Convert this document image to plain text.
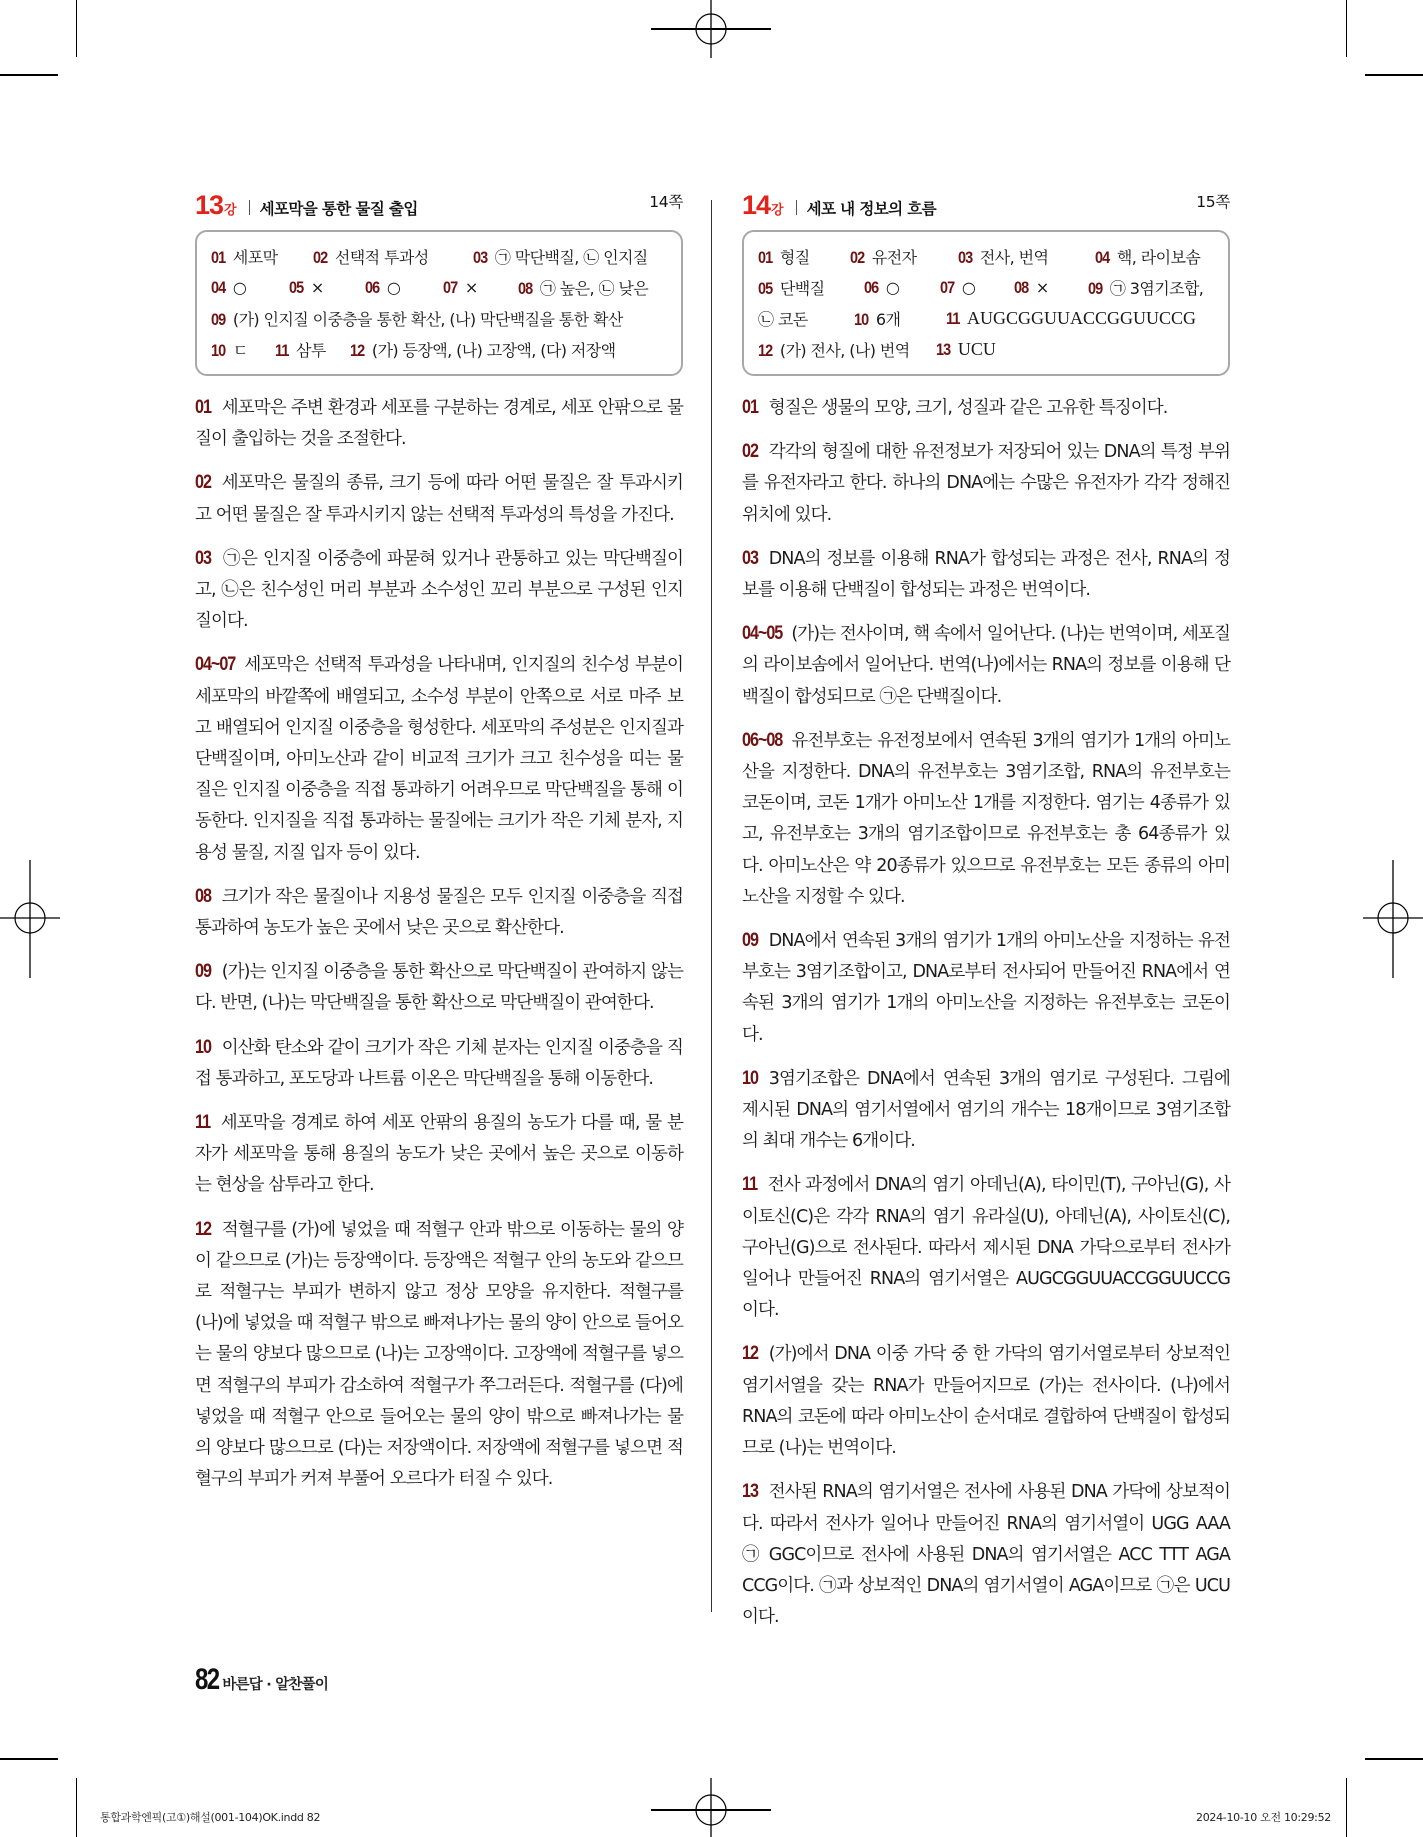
13 강 세포막을 통한 물질 출입	14쪽
01 세포막 02 선택적 투과성	03 ㉠ 막단백질, ㉡ 인지질
04 ○	05 × 06 ○	07 × 08 ㉠ 높은, ㉡ 낮은
09 (가) 인지질 이중층을 통한 확산, (나) 막단백질을 통한 확산
10 ㄷ 11 삼투 12 (가) 등장액, (나) 고장액, (다) 저장액

01 세포막은 주변 환경과 세포를 구분하는 경계로, 세포 안팎으로 물질이 출입하는 것을 조절한다.

02 세포막은 물질의 종류, 크기 등에 따라 어떤 물질은 잘 투과시키고 어떤 물질은 잘 투과시키지 않는 선택적 투과성의 특성을 가진다.

03 ㉠은 인지질 이중층에 파묻혀 있거나 관통하고 있는 막단백질이고, ㉡은 친수성인 머리 부분과 소수성인 꼬리 부분으로 구성된 인지질이다.

04~07 세포막은 선택적 투과성을 나타내며, 인지질의 친수성 부분이 세포막의 바깥쪽에 배열되고, 소수성 부분이 안쪽으로 서로 마주 보고 배열되어 인지질 이중층을 형성한다. 세포막의 주성분은 인지질과 단백질이며, 아미노산과 같이 비교적 크기가 크고 친수성을 띠는 물질은 인지질 이중층을 직접 통과하기 어려우므로 막단백질을 통해 이동한다. 인지질을 직접 통과하는 물질에는 크기가 작은 기체 분자, 지용성 물질, 지질 입자 등이 있다.

08 크기가 작은 물질이나 지용성 물질은 모두 인지질 이중층을 직접 통과하여 농도가 높은 곳에서 낮은 곳으로 확산한다.

09 (가)는 인지질 이중층을 통한 확산으로 막단백질이 관여하지 않는다. 반면, (나)는 막단백질을 통한 확산으로 막단백질이 관여한다.

10 이산화 탄소와 같이 크기가 작은 기체 분자는 인지질 이중층을 직접 통과하고, 포도당과 나트륨 이온은 막단백질을 통해 이동한다.

11 세포막을 경계로 하여 세포 안팎의 용질의 농도가 다를 때, 물 분자가 세포막을 통해 용질의 농도가 낮은 곳에서 높은 곳으로 이동하는 현상을 삼투라고 한다.

12 적혈구를 (가)에 넣었을 때 적혈구 안과 밖으로 이동하는 물의 양이 같으므로 (가)는 등장액이다. 등장액은 적혈구 안의 농도와 같으므로 적혈구는 부피가 변하지 않고 정상 모양을 유지한다. 적혈구를 (나)에 넣었을 때 적혈구 밖으로 빠져나가는 물의 양이 안으로 들어오는 물의 양보다 많으므로 (나)는 고장액이다. 고장액에 적혈구를 넣으면 적혈구의 부피가 감소하여 적혈구가 쭈그러든다. 적혈구를 (다)에 넣었을 때 적혈구 안으로 들어오는 물의 양이 밖으로 빠져나가는 물의 양보다 많으므로 (다)는 저장액이다. 저장액에 적혈구를 넣으면 적혈구의 부피가 커져 부풀어 오르다가 터질 수 있다.

14 강 세포 내 정보의 흐름	15쪽
01 형질 02 유전자 03 전사, 번역	04 핵, 라이보솜
05 단백질 06 ○ 07 ○ 08 × 09 ㉠ 3염기조합,
㉡ 코돈	10 6개	11 AUGCGGUUACCGGUUCCG
12 (가) 전사, (나) 번역 13 UCU

01 형질은 생물의 모양, 크기, 성질과 같은 고유한 특징이다.

02 각각의 형질에 대한 유전정보가 저장되어 있는 DNA의 특정 부위를 유전자라고 한다. 하나의 DNA에는 수많은 유전자가 각각 정해진 위치에 있다.

03 DNA의 정보를 이용해 RNA가 합성되는 과정은 전사, RNA의 정보를 이용해 단백질이 합성되는 과정은 번역이다.

04~05 (가)는 전사이며, 핵 속에서 일어난다. (나)는 번역이며, 세포질의 라이보솜에서 일어난다. 번역(나)에서는 RNA의 정보를 이용해 단백질이 합성되므로 ㉠은 단백질이다.

06~08 유전부호는 유전정보에서 연속된 3개의 염기가 1개의 아미노산을 지정한다. DNA의 유전부호는 3염기조합, RNA의 유전부호는 코돈이며, 코돈 1개가 아미노산 1개를 지정한다. 염기는 4종류가 있고, 유전부호는 3개의 염기조합이므로 유전부호는 총 64종류가 있다. 아미노산은 약 20종류가 있으므로 유전부호는 모든 종류의 아미노산을 지정할 수 있다.

09 DNA에서 연속된 3개의 염기가 1개의 아미노산을 지정하는 유전부호는 3염기조합이고, DNA로부터 전사되어 만들어진 RNA에서 연속된 3개의 염기가 1개의 아미노산을 지정하는 유전부호는 코돈이다.

10 3염기조합은 DNA에서 연속된 3개의 염기로 구성된다. 그림에 제시된 DNA의 염기서열에서 염기의 개수는 18개이므로 3염기조합의 최대 개수는 6개이다.

11 전사 과정에서 DNA의 염기 아데닌(A), 타이민(T), 구아닌(G), 사이토신(C)은 각각 RNA의 염기 유라실(U), 아데닌(A), 사이토신(C), 구아닌(G)으로 전사된다. 따라서 제시된 DNA 가닥으로부터 전사가 일어나 만들어진 RNA의 염기서열은 AUGCGGUUACCGGUUCCG이다.

12 (가)에서 DNA 이중 가닥 중 한 가닥의 염기서열로부터 상보적인 염기서열을 갖는 RNA가 만들어지므로 (가)는 전사이다. (나)에서 RNA의 코돈에 따라 아미노산이 순서대로 결합하여 단백질이 합성되므로 (나)는 번역이다.

13 전사된 RNA의 염기서열은 전사에 사용된 DNA 가닥에 상보적이다. 따라서 전사가 일어나 만들어진 RNA의 염기서열이 UGG AAA ㉠ GGC이므로 전사에 사용된 DNA의 염기서열은 ACC TTT AGA CCG이다. ㉠과 상보적인 DNA의 염기서열이 AGA이므로 ㉠은 UCU이다.

82 바른답 · 알찬풀이
통합과학엔픽(고①)해설(001-104)OK.indd 82	2024-10-10 오전 10:29:52
